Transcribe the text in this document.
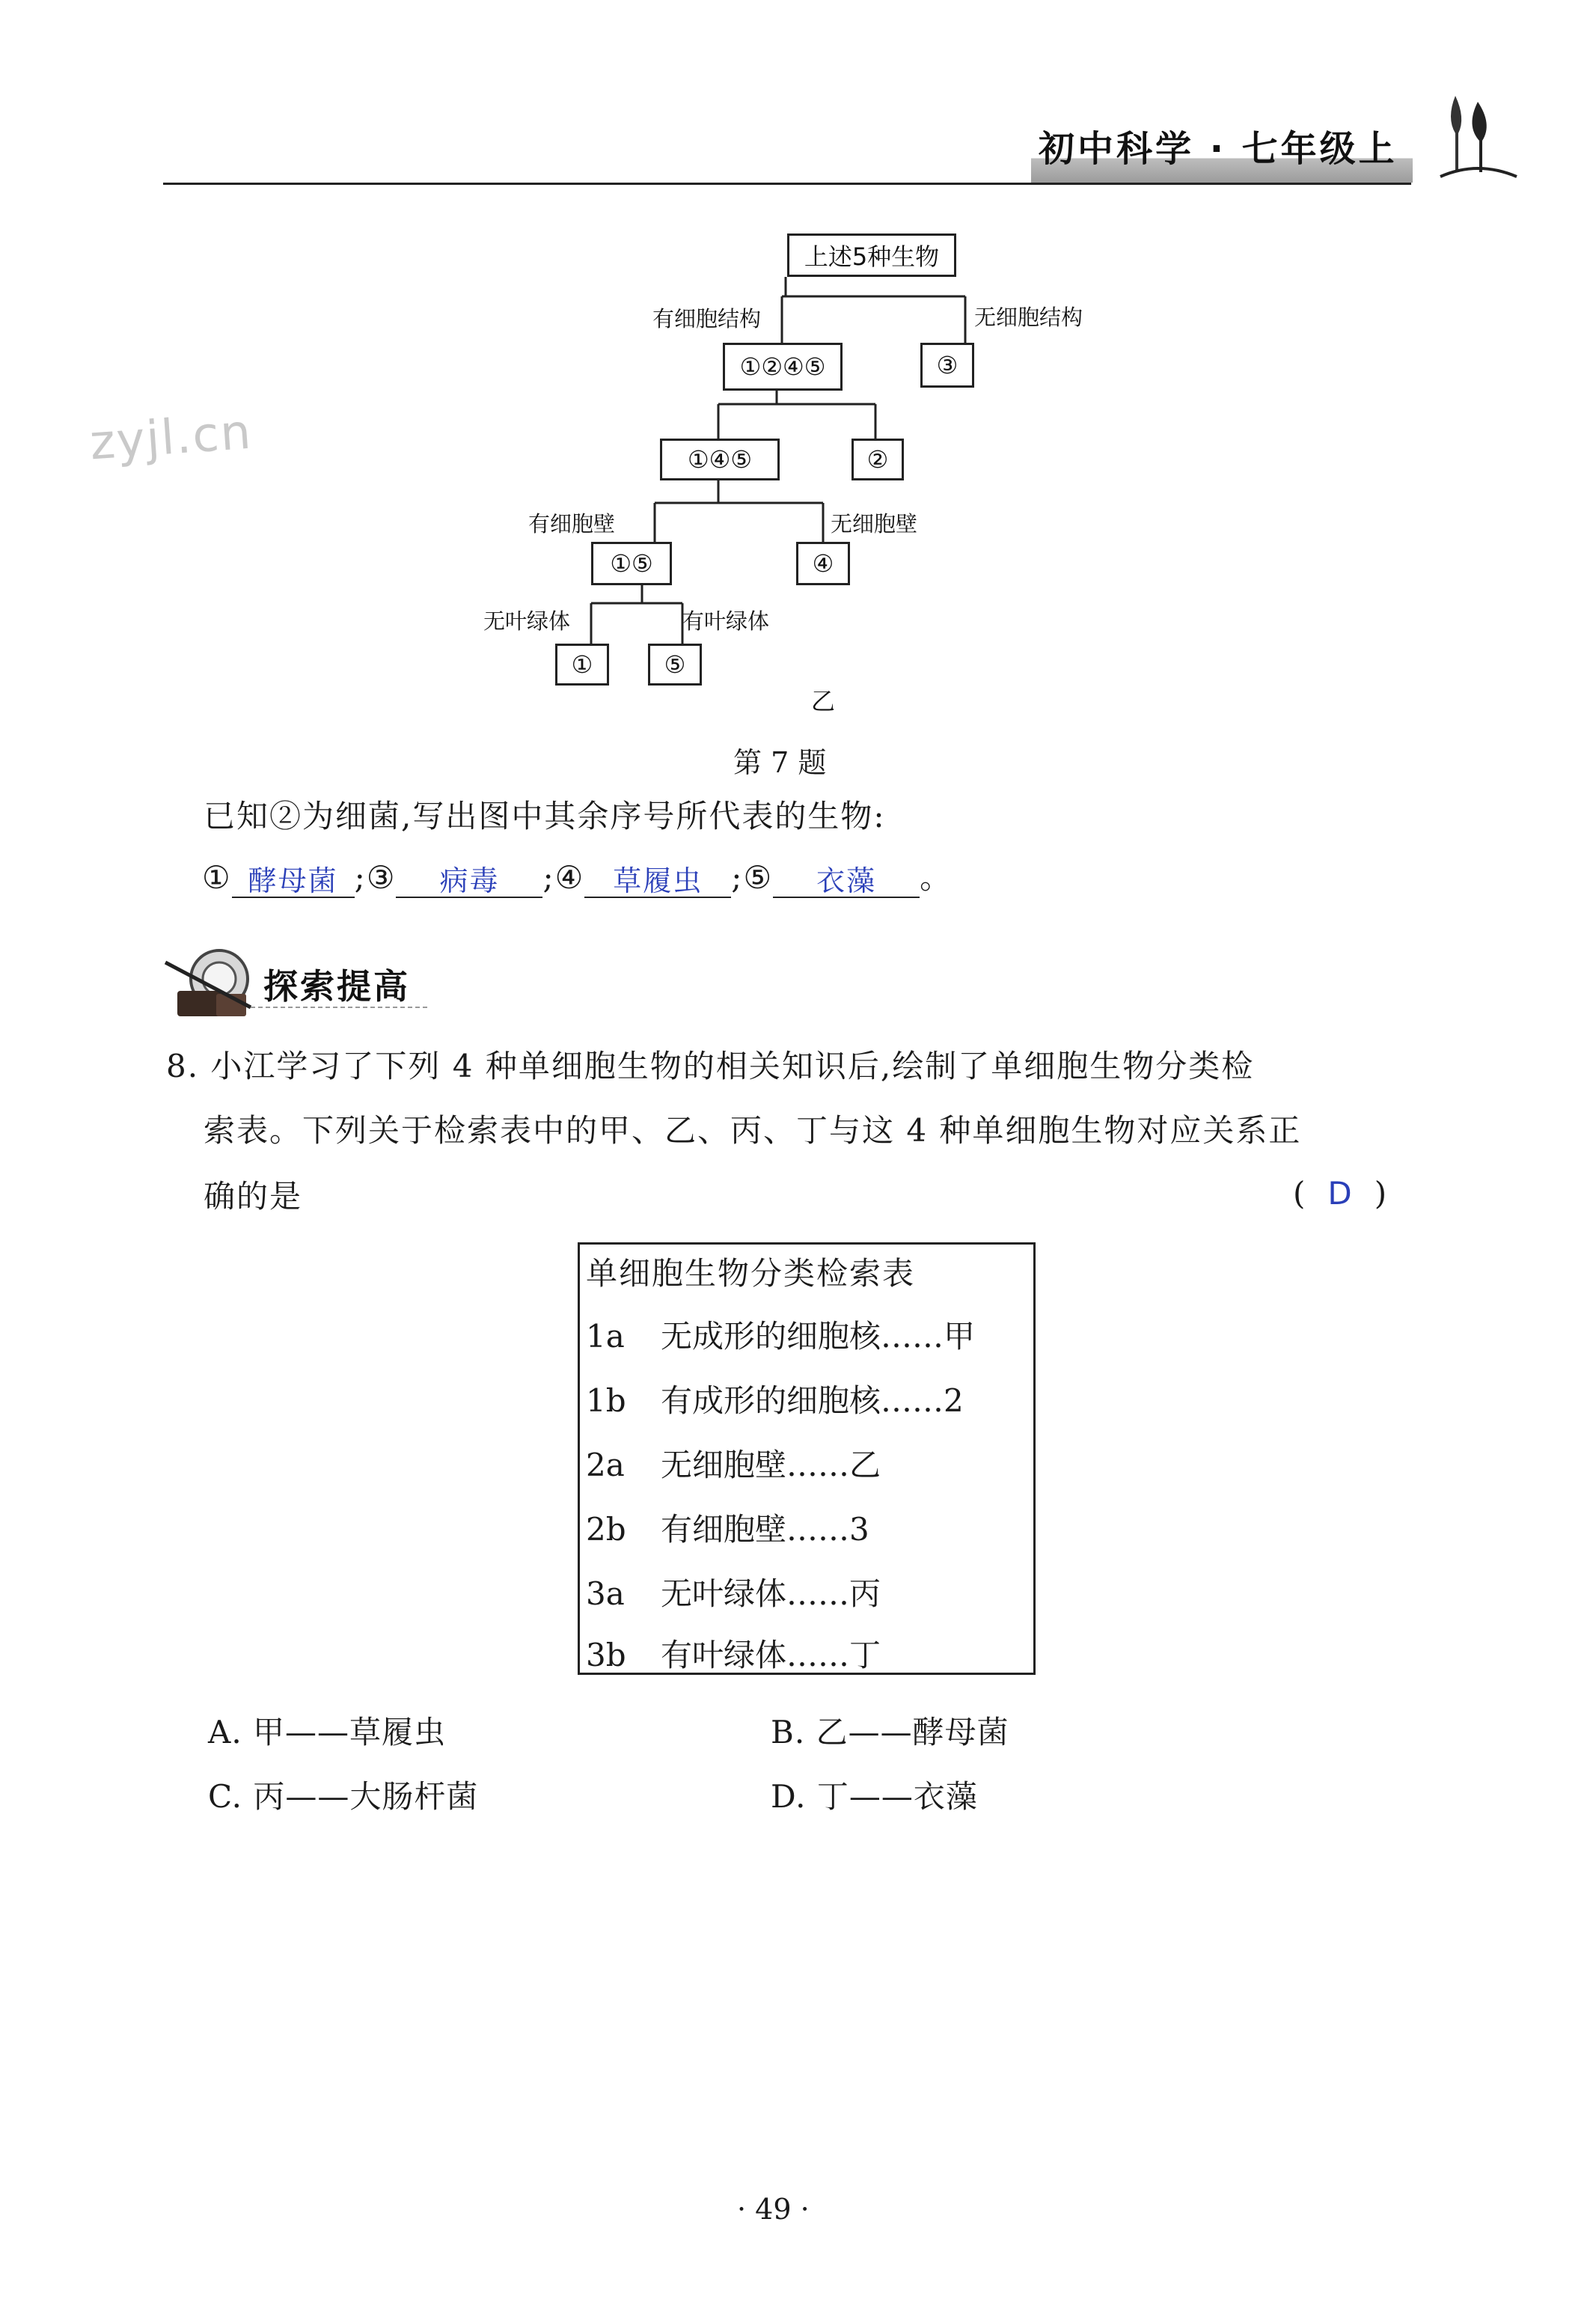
初中科学 · 七年级上
zyjl.cn
上述5种生物
有细胞结构	无细胞结构
①②④⑤	③
①④⑤	②
有细胞壁	无细胞壁
①⑤	④
无叶绿体	有叶绿体
①	⑤
乙
第 7 题
已知②为细菌,写出图中其余序号所代表的生物:
① 酵母菌 ;③ 病毒 ;④ 草履虫 ;⑤ 衣藻 。
探索提高
8. 小江学习了下列 4 种单细胞生物的相关知识后,绘制了单细胞生物分类检
索表。下列关于检索表中的甲、乙、丙、丁与这 4 种单细胞生物对应关系正
确的是	( D )
单细胞生物分类检索表
1a 无成形的细胞核……甲
1b 有成形的细胞核……2
2a 无细胞壁……乙
2b 有细胞壁……3
3a 无叶绿体……丙
3b 有叶绿体……丁
A. 甲——草履虫	B. 乙——酵母菌
C. 丙——大肠杆菌	D. 丁——衣藻
· 49 ·
